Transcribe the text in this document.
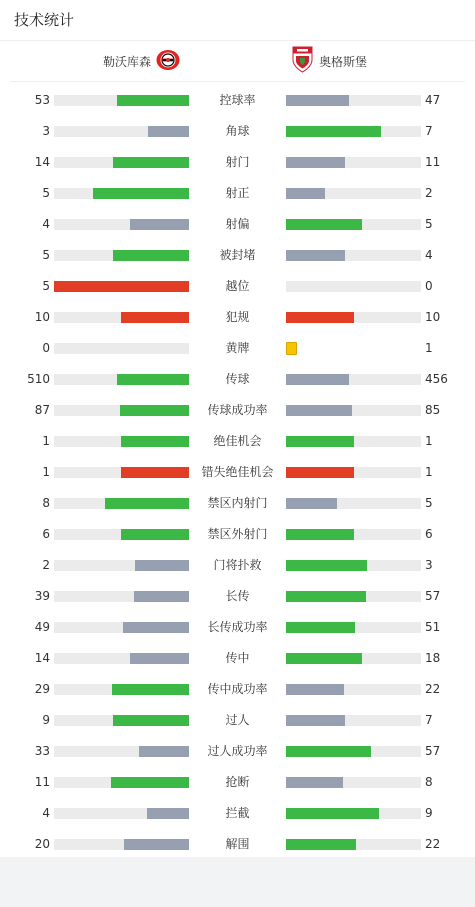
技术统计
勒沃库森	奥格斯堡
53	控球率	47
3	角球	7
14	射门	11
5	射正	2
4	射偏	5
5	被封堵	4
5	越位	0
10	犯规	10
0	黄牌	1
510	传球	456
87	传球成功率	85
1	绝佳机会	1
1	错失绝佳机会	1
8	禁区内射门	5
6	禁区外射门	6
2	门将扑救	3
39	长传	57
49	长传成功率	51
14	传中	18
29	传中成功率	22
9	过人	7
33	过人成功率	57
11	抢断	8
4	拦截	9
20	解围	22
